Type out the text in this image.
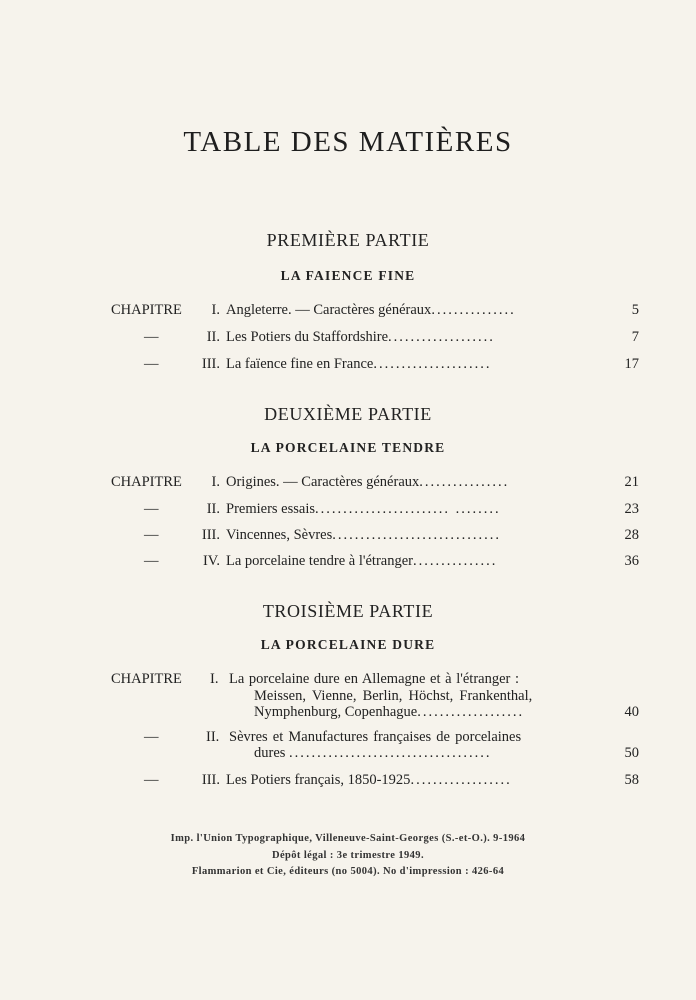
TABLE DES MATIÈRES
PREMIÈRE PARTIE
LA FAIENCE FINE
CHAPITRE	I. Angleterre. — Caractères généraux...............	5
—	II. Les Potiers du Staffordshire...................	7
—	III. La faïence fine en France.....................	17
DEUXIÈME PARTIE
LA PORCELAINE TENDRE
CHAPITRE	I. Origines. — Caractères généraux................	21
—	II. Premiers essais........................ ........	23
—	III. Vincennes, Sèvres..............................	28
—	IV. La porcelaine tendre à l'étranger...............	36
TROISIÈME PARTIE
LA PORCELAINE DURE
CHAPITRE I. La porcelaine dure en Allemagne et à l'étranger :
Meissen, Vienne, Berlin, Höchst, Frankenthal,
Nymphenburg, Copenhague...................	40
—	II. Sèvres et Manufactures françaises de porcelaines
dures ....................................	50
—	III. Les Potiers français, 1850-1925..................	58
Imp. l'Union Typographique, Villeneuve-Saint-Georges (S.-et-O.). 9-1964
Dépôt légal : 3e trimestre 1949.
Flammarion et Cie, éditeurs (no 5004). No d'impression : 426-64
